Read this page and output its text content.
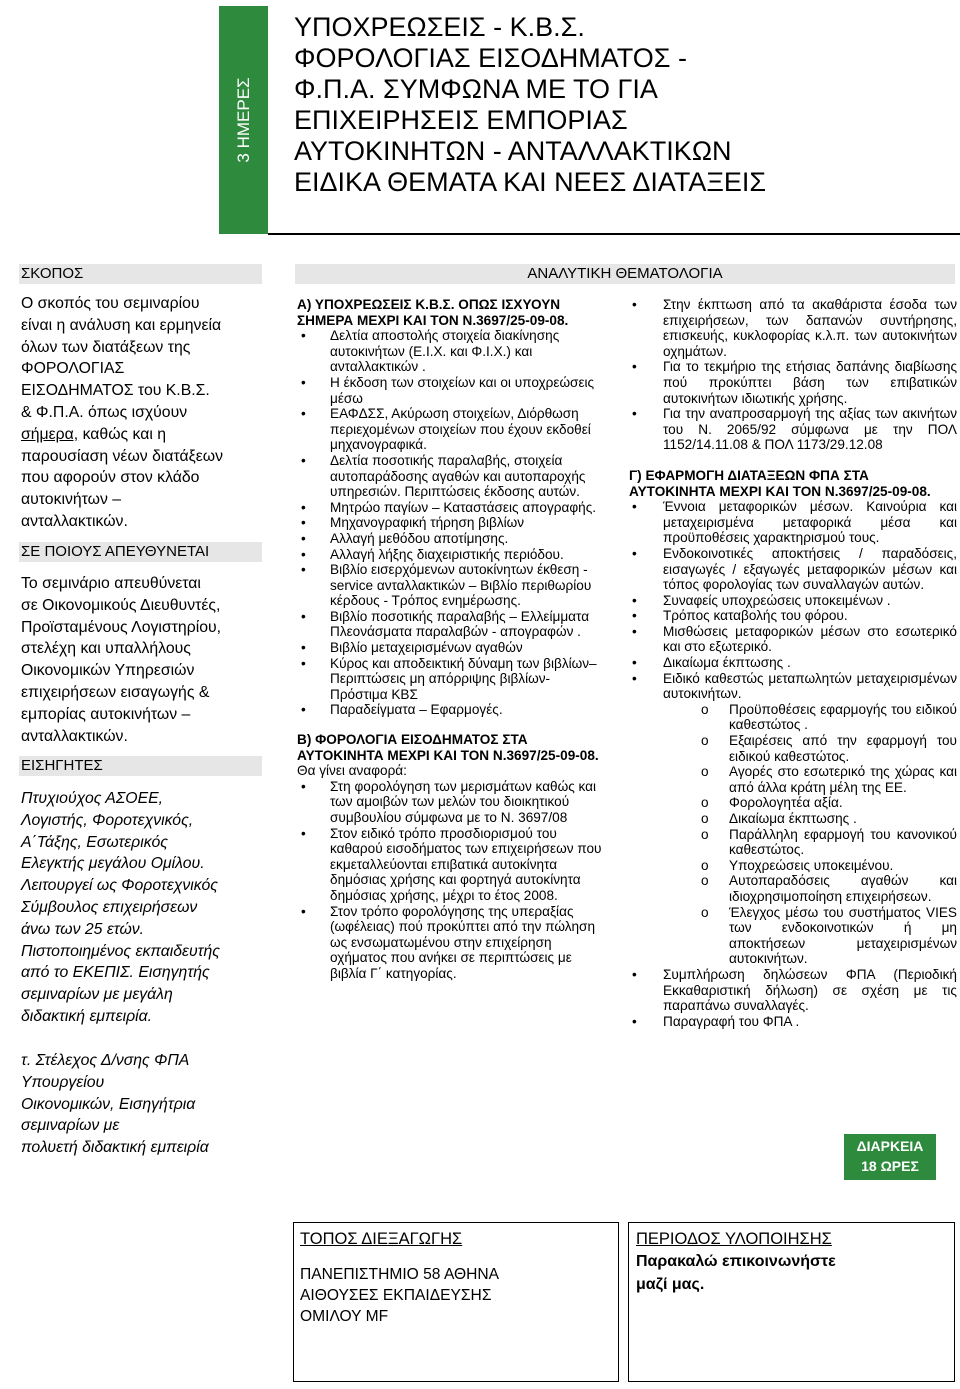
3 ΗΜΕΡΕΣ
ΥΠΟΧΡΕΩΣΕΙΣ - Κ.Β.Σ.
ΦΟΡΟΛΟΓΙΑΣ ΕΙΣΟΔΗΜΑΤΟΣ -
Φ.Π.Α. ΣΥΜΦΩΝΑ ΜΕ ΤΟ ΓΙΑ
ΕΠΙΧΕΙΡΗΣΕΙΣ ΕΜΠΟΡΙΑΣ
ΑΥΤΟΚΙΝΗΤΩΝ - ΑΝΤΑΛΛΑΚΤΙΚΩΝ
ΕΙΔΙΚΑ ΘΕΜΑΤΑ ΚΑΙ ΝΕΕΣ ΔΙΑΤΑΞΕΙΣ
ΣΚΟΠΟΣ
Ο σκοπός του σεμιναρίου
είναι η ανάλυση και ερμηνεία
όλων των διατάξεων της
ΦΟΡΟΛΟΓΙΑΣ
ΕΙΣΟΔΗΜΑΤΟΣ του Κ.Β.Σ.
& Φ.Π.Α. όπως ισχύουν
σήμερα, καθώς και η
παρουσίαση νέων διατάξεων
που αφορούν στον κλάδο
αυτοκινήτων –
ανταλλακτικών.
ΣΕ ΠΟΙΟΥΣ ΑΠΕΥΘΥΝΕΤΑΙ
Το σεμινάριο απευθύνεται
σε Οικονομικούς Διευθυντές,
Προϊσταμένους Λογιστηρίου,
στελέχη και υπαλλήλους
Οικονομικών Υπηρεσιών
επιχειρήσεων εισαγωγής &
εμπορίας αυτοκινήτων –
ανταλλακτικών.
ΕΙΣΗΓΗΤΕΣ
Πτυχιούχος ΑΣΟΕΕ,
Λογιστής, Φοροτεχνικός,
Α΄Τάξης, Εσωτερικός
Ελεγκτής μεγάλου Ομίλου.
Λειτουργεί ως Φοροτεχνικός
Σύμβουλος επιχειρήσεων
άνω των 25 ετών.
Πιστοποιημένος εκπαιδευτής
από το ΕΚΕΠΙΣ. Εισηγητής
σεμιναρίων με μεγάλη
διδακτική εμπειρία.
τ. Στέλεχος Δ/νσης ΦΠΑ
Υπουργείου
Οικονομικών, Εισηγήτρια
σεμιναρίων με
πολυετή διδακτική εμπειρία
ΑΝΑΛΥΤΙΚΗ ΘΕΜΑΤΟΛΟΓΙΑ
Α) ΥΠΟΧΡΕΩΣΕΙΣ Κ.Β.Σ. ΟΠΩΣ ΙΣΧΥΟΥΝ ΣΗΜΕΡΑ ΜΕΧΡΙ ΚΑΙ ΤΟΝ Ν.3697/25-09-08.
• Δελτία αποστολής στοιχεία διακίνησης αυτοκινήτων (Ε.Ι.Χ. και Φ.Ι.Χ.) και ανταλλακτικών .
• Η έκδοση των στοιχείων και οι υποχρεώσεις μέσω
• ΕΑΦΔΣΣ, Ακύρωση στοιχείων, Διόρθωση περιεχομένων στοιχείων που έχουν εκδοθεί μηχανογραφικά.
• Δελτία ποσοτικής παραλαβής, στοιχεία αυτοπαράδοσης αγαθών και αυτοπαροχής υπηρεσιών. Περιπτώσεις έκδοσης αυτών.
• Μητρώο παγίων – Καταστάσεις απογραφής.
• Μηχανογραφική τήρηση βιβλίων
• Αλλαγή μεθόδου αποτίμησης.
• Αλλαγή λήξης διαχειριστικής περιόδου.
• Βιβλίο εισερχόμενων αυτοκίνητων έκθεση - service ανταλλακτικών – Βιβλίο περιθωρίου κέρδους - Τρόπος ενημέρωσης.
• Βιβλίο ποσοτικής παραλαβής – Ελλείμματα Πλεονάσματα παραλαβών - απογραφών .
• Βιβλίο μεταχειρισμένων αγαθών
• Κύρος και αποδεικτική δύναμη των βιβλίων– Περιπτώσεις μη απόρριψης βιβλίων- Πρόστιμα ΚΒΣ
• Παραδείγματα – Εφαρμογές.
Β) ΦΟΡΟΛΟΓΙΑ ΕΙΣΟΔΗΜΑΤΟΣ ΣΤΑ ΑΥΤΟΚΙΝΗΤΑ ΜΕΧΡΙ ΚΑΙ ΤΟΝ Ν.3697/25-09-08.
Θα γίνει αναφορά:
• Στη φορολόγηση των μερισμάτων καθώς και των αμοιβών των μελών του διοικητικού συμβουλίου σύμφωνα με το Ν. 3697/08
• Στον ειδικό τρόπο προσδιορισμού του καθαρού εισοδήματος των επιχειρήσεων που εκμεταλλεύονται επιβατικά αυτοκίνητα δημόσιας χρήσης και φορτηγά αυτοκίνητα δημόσιας χρήσης, μέχρι το έτος 2008.
• Στον τρόπο φορολόγησης της υπεραξίας (ωφέλειας) πού προκύπτει από την πώληση ως ενσωματωμένου στην επιχείρηση οχήματος που ανήκει σε περιπτώσεις με βιβλία Γ΄ κατηγορίας.
• Στην έκπτωση από τα ακαθάριστα έσοδα των επιχειρήσεων, των δαπανών συντήρησης, επισκευής, κυκλοφορίας κ.λ.π. των αυτοκινήτων οχημάτων.
• Για το τεκμήριο της ετήσιας δαπάνης διαβίωσης πού προκύπτει βάση των επιβατικών αυτοκινήτων ιδιωτικής χρήσης.
• Για την αναπροσαρμογή της αξίας των ακινήτων του Ν. 2065/92 σύμφωνα με την ΠΟΛ 1152/14.11.08 & ΠΟΛ 1173/29.12.08
Γ) ΕΦΑΡΜΟΓΗ ΔΙΑΤΑΞΕΩΝ ΦΠΑ ΣΤΑ ΑΥΤΟΚΙΝΗΤΑ ΜΕΧΡΙ ΚΑΙ ΤΟΝ Ν.3697/25-09-08.
• Έννοια μεταφορικών μέσων. Καινούρια και μεταχειρισμένα μεταφορικά μέσα και προϋποθέσεις χαρακτηρισμού τους.
• Ενδοκοινοτικές αποκτήσεις / παραδόσεις, εισαγωγές / εξαγωγές μεταφορικών μέσων και τόπος φορολογίας των συναλλαγών αυτών.
• Συναφείς υποχρεώσεις υποκειμένων .
• Τρόπος καταβολής του φόρου.
• Μισθώσεις μεταφορικών μέσων στο εσωτερικό και στο εξωτερικό.
• Δικαίωμα έκπτωσης .
• Ειδικό καθεστώς μεταπωλητών μεταχειρισμένων αυτοκινήτων.
o Προϋποθέσεις εφαρμογής του ειδικού καθεστώτος .
o Εξαιρέσεις από την εφαρμογή του ειδικού καθεστώτος.
o Αγορές στο εσωτερικό της χώρας και από άλλα κράτη μέλη της ΕΕ.
o Φορολογητέα αξία.
o Δικαίωμα έκπτωσης .
o Παράλληλη εφαρμογή του κανονικού καθεστώτος.
o Υποχρεώσεις υποκειμένου.
o Αυτοπαραδόσεις αγαθών και ιδιοχρησιμοποίηση επιχειρήσεων.
o Έλεγχος μέσω του συστήματος VIES των ενδοκοινοτικών ή μη αποκτήσεων μεταχειρισμένων αυτοκινήτων.
• Συμπλήρωση δηλώσεων ΦΠΑ (Περιοδική Εκκαθαριστική δήλωση) σε σχέση με τις παραπάνω συναλλαγές.
• Παραγραφή του ΦΠΑ .
ΔΙΑΡΚΕΙΑ
18 ΩΡΕΣ
ΤΟΠΟΣ ΔΙΕΞΑΓΩΓΗΣ
ΠΑΝΕΠΙΣΤΗΜΙΟ 58 ΑΘΗΝΑ
ΑΙΘΟΥΣΕΣ ΕΚΠΑΙΔΕΥΣΗΣ
ΟΜΙΛΟΥ MF
ΠΕΡΙΟΔΟΣ ΥΛΟΠΟΙΗΣΗΣ
Παρακαλώ επικοινωνήστε
μαζί μας.
